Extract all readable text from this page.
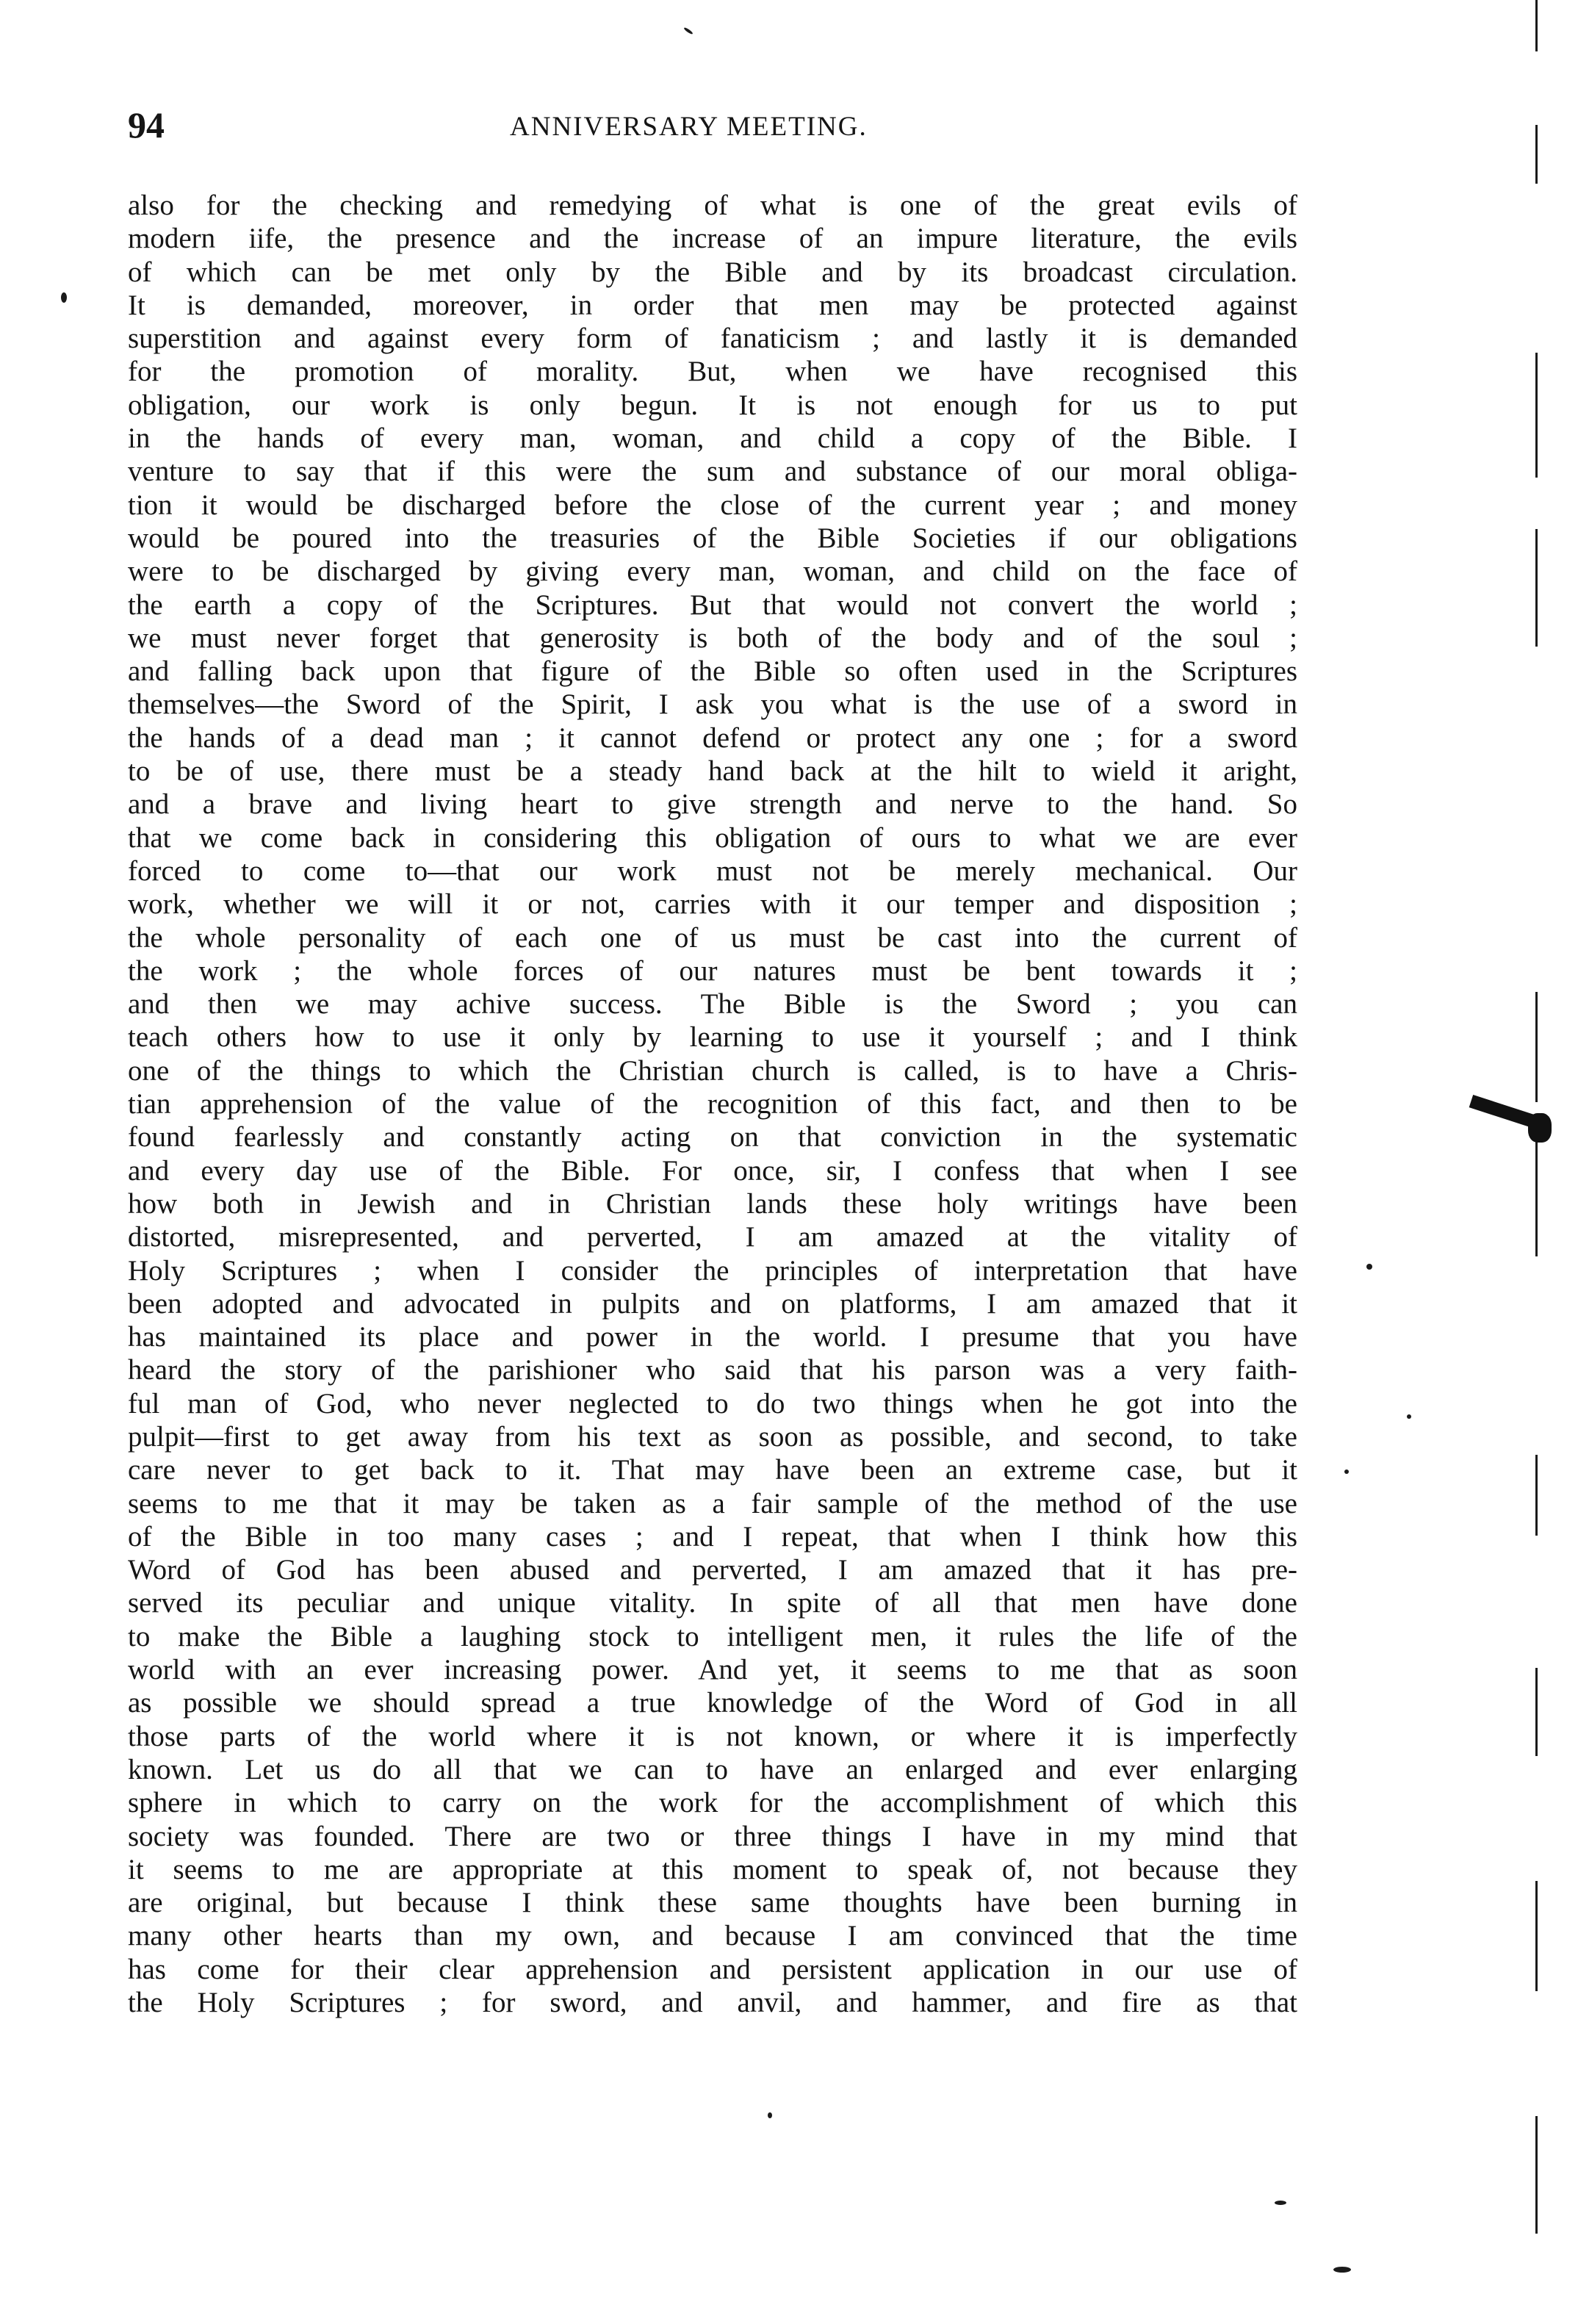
94	ANNIVERSARY MEETING.
also for the checking and remedying of what is one of the great evils of
modern iife, the presence and the increase of an impure literature, the evils
of which can be met only by the Bible and by its broadcast circulation.
It is demanded, moreover, in order that men may be protected against
superstition and against every form of fanaticism ; and lastly it is demanded
for the promotion of morality. But, when we have recognised this
obligation, our work is only begun. It is not enough for us to put
in the hands of every man, woman, and child a copy of the Bible. I
venture to say that if this were the sum and substance of our moral obliga-
tion it would be discharged before the close of the current year ; and money
would be poured into the treasuries of the Bible Societies if our obligations
were to be discharged by giving every man, woman, and child on the face of
the earth a copy of the Scriptures. But that would not convert the world ;
we must never forget that generosity is both of the body and of the soul ;
and falling back upon that figure of the Bible so often used in the Scriptures
themselves—the Sword of the Spirit, I ask you what is the use of a sword in
the hands of a dead man ; it cannot defend or protect any one ; for a sword
to be of use, there must be a steady hand back at the hilt to wield it aright,
and a brave and living heart to give strength and nerve to the hand. So
that we come back in considering this obligation of ours to what we are ever
forced to come to—that our work must not be merely mechanical. Our
work, whether we will it or not, carries with it our temper and disposition ;
the whole personality of each one of us must be cast into the current of
the work ; the whole forces of our natures must be bent towards it ;
and then we may achive success. The Bible is the Sword ; you can
teach others how to use it only by learning to use it yourself ; and I think
one of the things to which the Christian church is called, is to have a Chris-
tian apprehension of the value of the recognition of this fact, and then to be
found fearlessly and constantly acting on that conviction in the systematic
and every day use of the Bible. For once, sir, I confess that when I see
how both in Jewish and in Christian lands these holy writings have been
distorted, misrepresented, and perverted, I am amazed at the vitality of
Holy Scriptures ; when I consider the principles of interpretation that have
been adopted and advocated in pulpits and on platforms, I am amazed that it
has maintained its place and power in the world. I presume that you have
heard the story of the parishioner who said that his parson was a very faith-
ful man of God, who never neglected to do two things when he got into the
pulpit—first to get away from his text as soon as possible, and second, to take
care never to get back to it. That may have been an extreme case, but it
seems to me that it may be taken as a fair sample of the method of the use
of the Bible in too many cases ; and I repeat, that when I think how this
Word of God has been abused and perverted, I am amazed that it has pre-
served its peculiar and unique vitality. In spite of all that men have done
to make the Bible a laughing stock to intelligent men, it rules the life of the
world with an ever increasing power. And yet, it seems to me that as soon
as possible we should spread a true knowledge of the Word of God in all
those parts of the world where it is not known, or where it is imperfectly
known. Let us do all that we can to have an enlarged and ever enlarging
sphere in which to carry on the work for the accomplishment of which this
society was founded. There are two or three things I have in my mind that
it seems to me are appropriate at this moment to speak of, not because they
are original, but because I think these same thoughts have been burning in
many other hearts than my own, and because I am convinced that the time
has come for their clear apprehension and persistent application in our use of
the Holy Scriptures ; for sword, and anvil, and hammer, and fire as that
